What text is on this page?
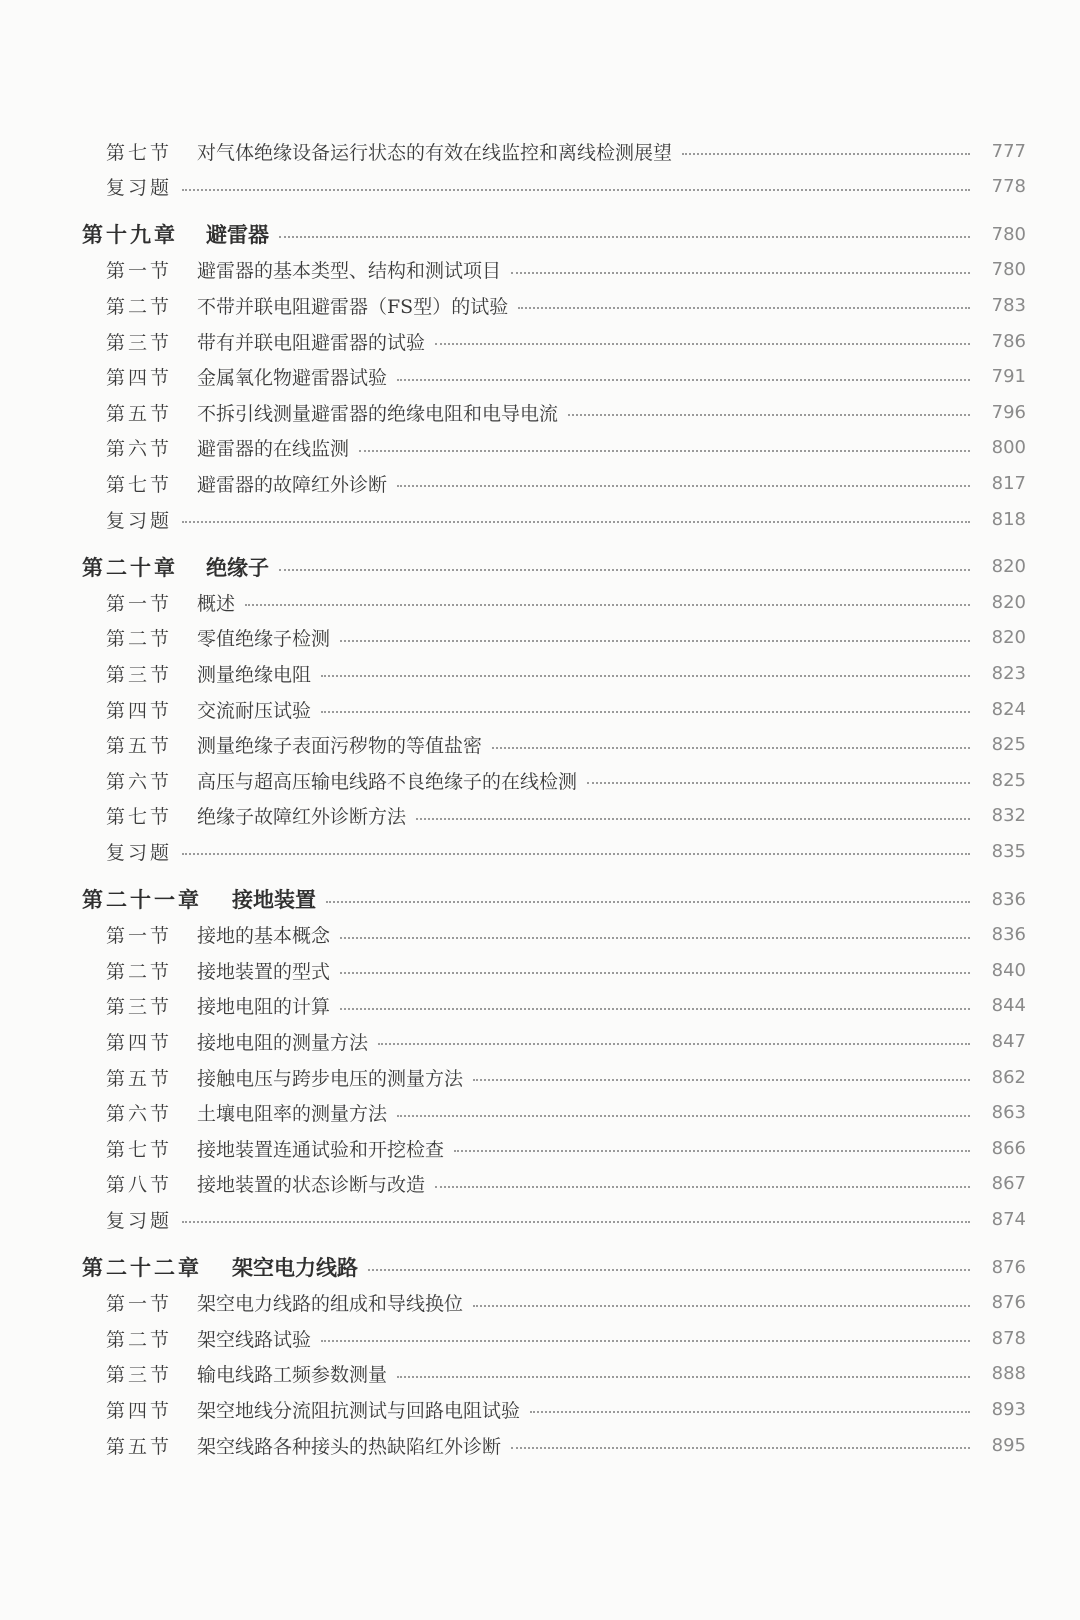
第七节 对气体绝缘设备运行状态的有效在线监控和离线检测展望	777
复习题	778
第十九章 避雷器	780
第一节 避雷器的基本类型、结构和测试项目	780
第二节 不带并联电阻避雷器（FS型）的试验	783
第三节 带有并联电阻避雷器的试验	786
第四节 金属氧化物避雷器试验	791
第五节 不拆引线测量避雷器的绝缘电阻和电导电流	796
第六节 避雷器的在线监测	800
第七节 避雷器的故障红外诊断	817
复习题	818
第二十章 绝缘子	820
第一节 概述	820
第二节 零值绝缘子检测	820
第三节 测量绝缘电阻	823
第四节 交流耐压试验	824
第五节 测量绝缘子表面污秽物的等值盐密	825
第六节 高压与超高压输电线路不良绝缘子的在线检测	825
第七节 绝缘子故障红外诊断方法	832
复习题	835
第二十一章 接地装置	836
第一节 接地的基本概念	836
第二节 接地装置的型式	840
第三节 接地电阻的计算	844
第四节 接地电阻的测量方法	847
第五节 接触电压与跨步电压的测量方法	862
第六节 土壤电阻率的测量方法	863
第七节 接地装置连通试验和开挖检查	866
第八节 接地装置的状态诊断与改造	867
复习题	874
第二十二章 架空电力线路	876
第一节 架空电力线路的组成和导线换位	876
第二节 架空线路试验	878
第三节 输电线路工频参数测量	888
第四节 架空地线分流阻抗测试与回路电阻试验	893
第五节 架空线路各种接头的热缺陷红外诊断	895
